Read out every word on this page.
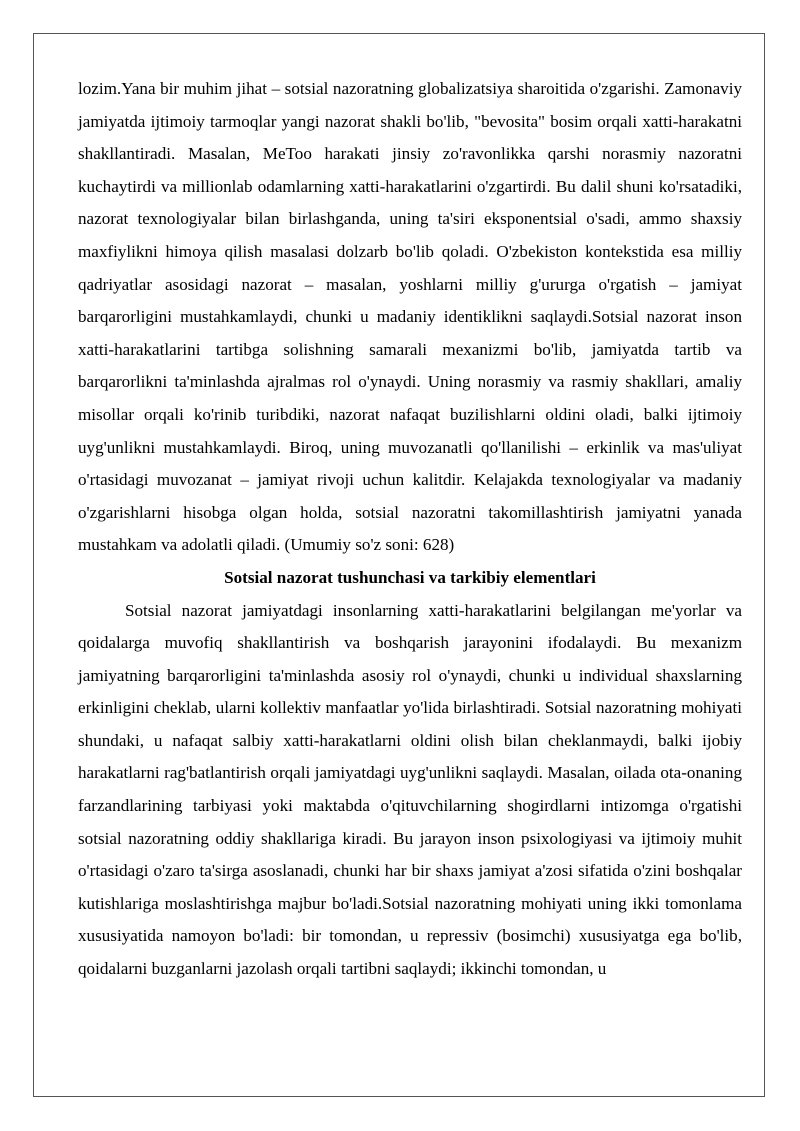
lozim.Yana bir muhim jihat – sotsial nazoratning globalizatsiya sharoitida o'zgarishi. Zamonaviy jamiyatda ijtimoiy tarmoqlar yangi nazorat shakli bo'lib, "bevosita" bosim orqali xatti-harakatni shakllantiradi. Masalan, MeToo harakati jinsiy zo'ravonlikka qarshi norasmiy nazoratni kuchaytirdi va millionlab odamlarning xatti-harakatlarini o'zgartirdi. Bu dalil shuni ko'rsatadiki, nazorat texnologiyalar bilan birlashganda, uning ta'siri eksponentsial o'sadi, ammo shaxsiy maxfiylikni himoya qilish masalasi dolzarb bo'lib qoladi. O'zbekiston kontekstida esa milliy qadriyatlar asosidagi nazorat – masalan, yoshlarni milliy g'ururga o'rgatish – jamiyat barqarorligini mustahkamlaydi, chunki u madaniy identiklikni saqlaydi.Sotsial nazorat inson xatti-harakatlarini tartibga solishning samarali mexanizmi bo'lib, jamiyatda tartib va barqarorlikni ta'minlashda ajralmas rol o'ynaydi. Uning norasmiy va rasmiy shakllari, amaliy misollar orqali ko'rinib turibdiki, nazorat nafaqat buzilishlarni oldini oladi, balki ijtimoiy uyg'unlikni mustahkamlaydi. Biroq, uning muvozanatli qo'llanilishi – erkinlik va mas'uliyat o'rtasidagi muvozanat – jamiyat rivoji uchun kalitdir. Kelajakda texnologiyalar va madaniy o'zgarishlarni hisobga olgan holda, sotsial nazoratni takomillashtirish jamiyatni yanada mustahkam va adolatli qiladi. (Umumiy so'z soni: 628)

Sotsial nazorat tushunchasi va tarkibiy elementlari

Sotsial nazorat jamiyatdagi insonlarning xatti-harakatlarini belgilangan me'yorlar va qoidalarga muvofiq shakllantirish va boshqarish jarayonini ifodalaydi. Bu mexanizm jamiyatning barqarorligini ta'minlashda asosiy rol o'ynaydi, chunki u individual shaxslarning erkinligini cheklab, ularni kollektiv manfaatlar yo'lida birlashtiradi. Sotsial nazoratning mohiyati shundaki, u nafaqat salbiy xatti-harakatlarni oldini olish bilan cheklanmaydi, balki ijobiy harakatlarni rag'batlantirish orqali jamiyatdagi uyg'unlikni saqlaydi. Masalan, oilada ota-onaning farzandlarining tarbiyasi yoki maktabda o'qituvchilarning shogirdlarni intizomga o'rgatishi sotsial nazoratning oddiy shakllariga kiradi. Bu jarayon inson psixologiyasi va ijtimoiy muhit o'rtasidagi o'zaro ta'sirga asoslanadi, chunki har bir shaxs jamiyat a'zosi sifatida o'zini boshqalar kutishlariga moslashtirishga majbur bo'ladi.Sotsial nazoratning mohiyati uning ikki tomonlama xususiyatida namoyon bo'ladi: bir tomondan, u repressiv (bosimchi) xususiyatga ega bo'lib, qoidalarni buzganlarni jazolash orqali tartibni saqlaydi; ikkinchi tomondan, u
